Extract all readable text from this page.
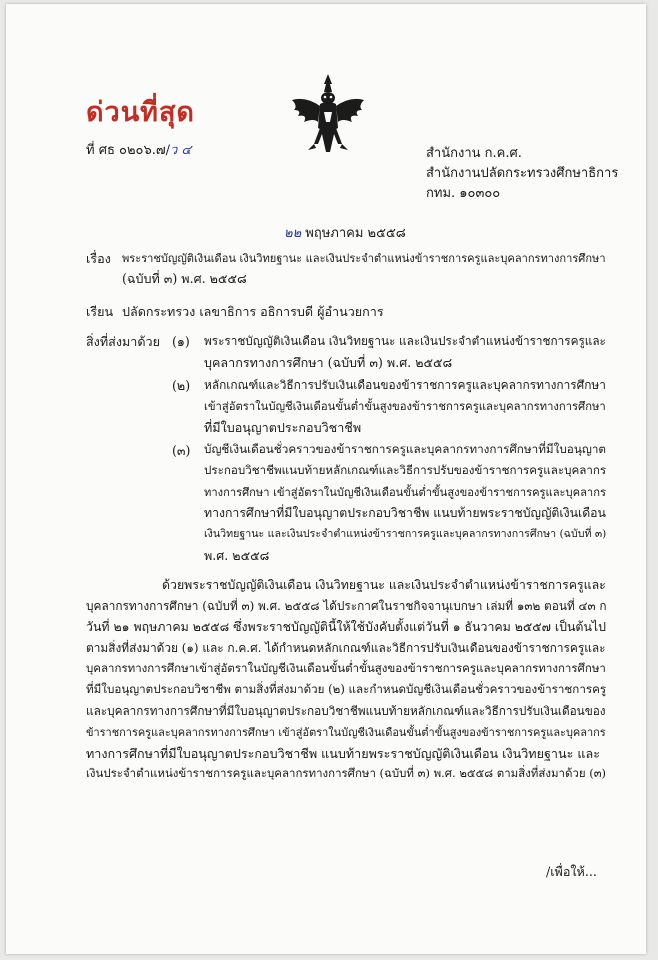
ด่วนที่สุด
ที่ ศธ ๐๒๐๖.๗/ว ๔	สำนักงาน ก.ค.ศ.
สำนักงานปลัดกระทรวงศึกษาธิการ
กทม. ๑๐๓๐๐
๒๒ พฤษภาคม ๒๕๕๘
เรื่อง พระราชบัญญัติเงินเดือน เงินวิทยฐานะ และเงินประจำตำแหน่งข้าราชการครูและบุคลากรทางการศึกษา
(ฉบับที่ ๓) พ.ศ. ๒๕๕๘
เรียน ปลัดกระทรวง เลขาธิการ อธิการบดี ผู้อำนวยการ
สิ่งที่ส่งมาด้วย (๑) พระราชบัญญัติเงินเดือน เงินวิทยฐานะ และเงินประจำตำแหน่งข้าราชการครูและ
บุคลากรทางการศึกษา (ฉบับที่ ๓) พ.ศ. ๒๕๕๘
(๒) หลักเกณฑ์และวิธีการปรับเงินเดือนของข้าราชการครูและบุคลากรทางการศึกษา
เข้าสู่อัตราในบัญชีเงินเดือนขั้นต่ำขั้นสูงของข้าราชการครูและบุคลากรทางการศึกษา
ที่มีใบอนุญาตประกอบวิชาชีพ
(๓) บัญชีเงินเดือนชั่วคราวของข้าราชการครูและบุคลากรทางการศึกษาที่มีใบอนุญาต
ประกอบวิชาชีพแนบท้ายหลักเกณฑ์และวิธีการปรับของข้าราชการครูและบุคลากร
ทางการศึกษา เข้าสู่อัตราในบัญชีเงินเดือนขั้นต่ำขั้นสูงของข้าราชการครูและบุคลากร
ทางการศึกษาที่มีใบอนุญาตประกอบวิชาชีพ แนบท้ายพระราชบัญญัติเงินเดือน
เงินวิทยฐานะ และเงินประจำตำแหน่งข้าราชการครูและบุคลากรทางการศึกษา (ฉบับที่ ๓)
พ.ศ. ๒๕๕๘
ด้วยพระราชบัญญัติเงินเดือน เงินวิทยฐานะ และเงินประจำตำแหน่งข้าราชการครูและ
บุคลากรทางการศึกษา (ฉบับที่ ๓) พ.ศ. ๒๕๕๘ ได้ประกาศในราชกิจจานุเบกษา เล่มที่ ๑๓๒ ตอนที่ ๔๓ ก
วันที่ ๒๑ พฤษภาคม ๒๕๕๘ ซึ่งพระราชบัญญัตินี้ให้ใช้บังคับตั้งแต่วันที่ ๑ ธันวาคม ๒๕๕๗ เป็นต้นไป
ตามสิ่งที่ส่งมาด้วย (๑) และ ก.ค.ศ. ได้กำหนดหลักเกณฑ์และวิธีการปรับเงินเดือนของข้าราชการครูและ
บุคลากรทางการศึกษาเข้าสู่อัตราในบัญชีเงินเดือนขั้นต่ำขั้นสูงของข้าราชการครูและบุคลากรทางการศึกษา
ที่มีใบอนุญาตประกอบวิชาชีพ ตามสิ่งที่ส่งมาด้วย (๒) และกำหนดบัญชีเงินเดือนชั่วคราวของข้าราชการครู
และบุคลากรทางการศึกษาที่มีใบอนุญาตประกอบวิชาชีพแนบท้ายหลักเกณฑ์และวิธีการปรับเงินเดือนของ
ข้าราชการครูและบุคลากรทางการศึกษา เข้าสู่อัตราในบัญชีเงินเดือนขั้นต่ำขั้นสูงของข้าราชการครูและบุคลากร
ทางการศึกษาที่มีใบอนุญาตประกอบวิชาชีพ แนบท้ายพระราชบัญญัติเงินเดือน เงินวิทยฐานะ และ
เงินประจำตำแหน่งข้าราชการครูและบุคลากรทางการศึกษา (ฉบับที่ ๓) พ.ศ. ๒๕๕๘ ตามสิ่งที่ส่งมาด้วย (๓)
/เพื่อให้...
